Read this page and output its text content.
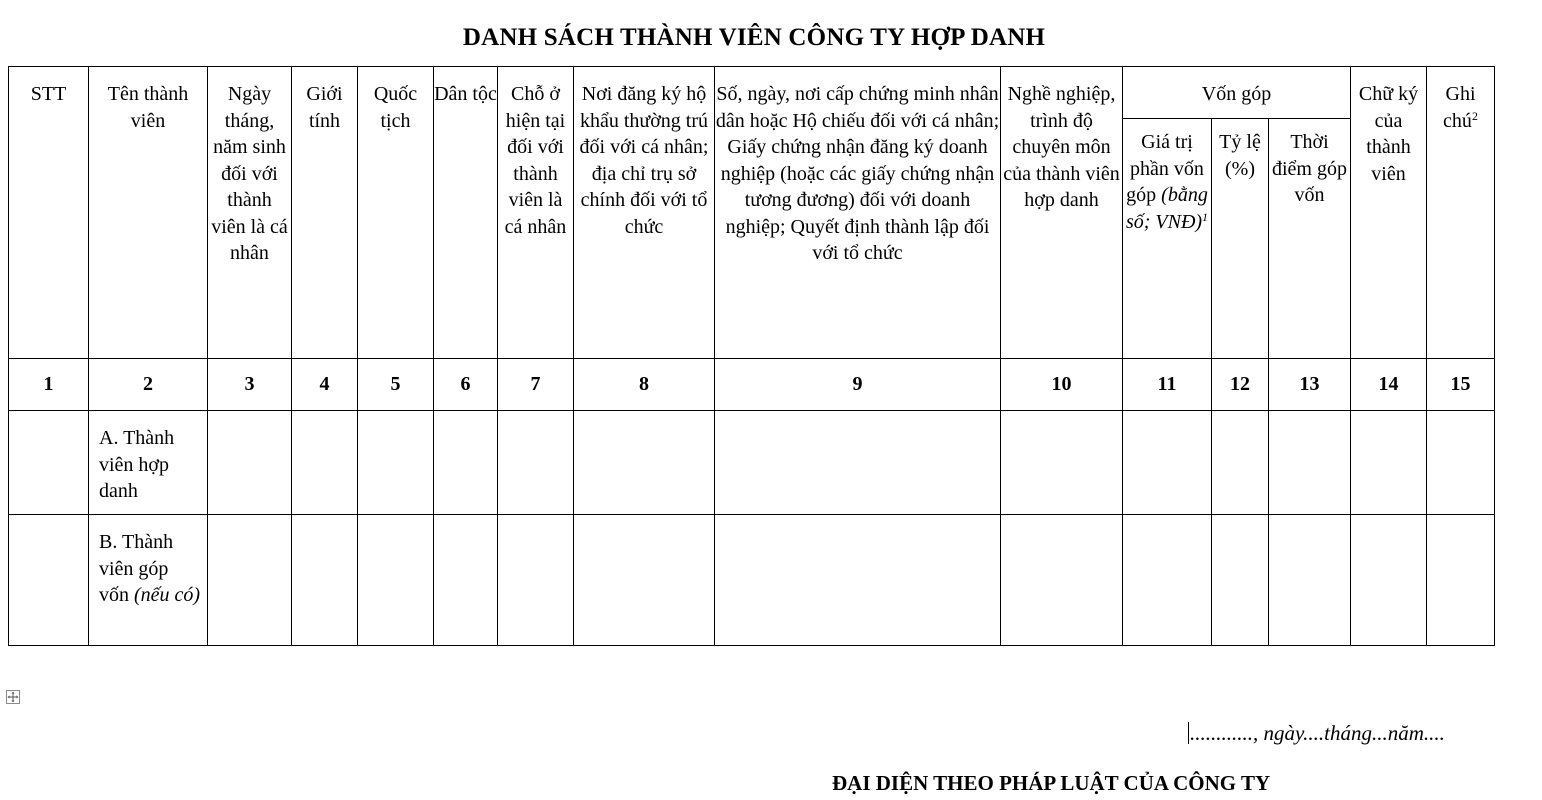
DANH SÁCH THÀNH VIÊN CÔNG TY HỢP DANH
STT	Tên thành viên	Ngày tháng, năm sinh đối với thành viên là cá nhân	Giới tính	Quốc tịch	Dân tộc	Chỗ ở hiện tại đối với thành viên là cá nhân	Nơi đăng ký hộ khẩu thường trú đối với cá nhân; địa chỉ trụ sở chính đối với tổ chức	Số, ngày, nơi cấp chứng minh nhân dân hoặc Hộ chiếu đối với cá nhân; Giấy chứng nhận đăng ký doanh nghiệp (hoặc các giấy chứng nhận tương đương) đối với doanh nghiệp; Quyết định thành lập đối với tổ chức	Nghề nghiệp, trình độ chuyên môn của thành viên hợp danh	Vốn góp			Chữ ký của thành viên	Ghi chú$^2$
										Giá trị phần vốn góp (bằng số; VNĐ)$^1$	Tỷ lệ (%)	Thời điểm góp vốn		
1	2	3	4	5	6	7	8	9	10	11	12	13	14	15
	A. Thành viên hợp danh													
	B. Thành viên góp vốn (nếu có)													
............, ngày....tháng...năm....
ĐẠI DIỆN THEO PHÁP LUẬT CỦA CÔNG TY
